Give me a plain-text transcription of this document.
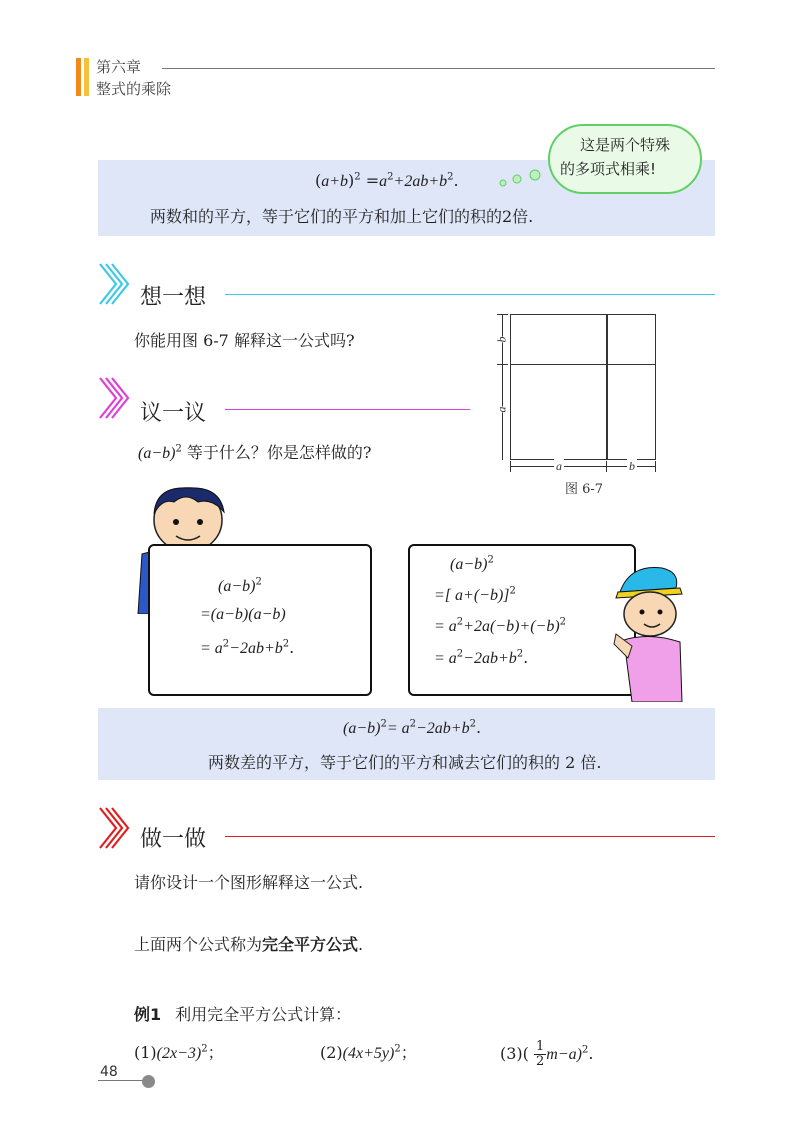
第六章
整式的乘除
$(a+b)^2 =a^2+2ab+b^2$.
两数和的平方，等于它们的平方和加上它们的积的2倍.
这是两个特殊
的多项式相乘!
想一想
你能用图 6-7 解释这一公式吗?
议一议
$(a-b)^2$ 等于什么？你是怎样做的?
b
a
a	b
图 6-7
$(a-b)^2$
=(a−b)(a−b)
= $a^2-2ab+b^2$.
$(a-b)^2$
=[ a+(−b)]$^2$
= $a^2+2a(-b)+(-b)^2$
= $a^2-2ab+b^2$.
$(a-b)^2= a^2-2ab+b^2$.
两数差的平方，等于它们的平方和减去它们的积的 2 倍.
做一做
请你设计一个图形解释这一公式.
上面两个公式称为完全平方公式.
例1 利用完全平方公式计算：
$(1)(2x-3)^2$；	$(2)(4x+5y)^2$；	$(3)( \frac{1}{2} m-a)^2$.
48
